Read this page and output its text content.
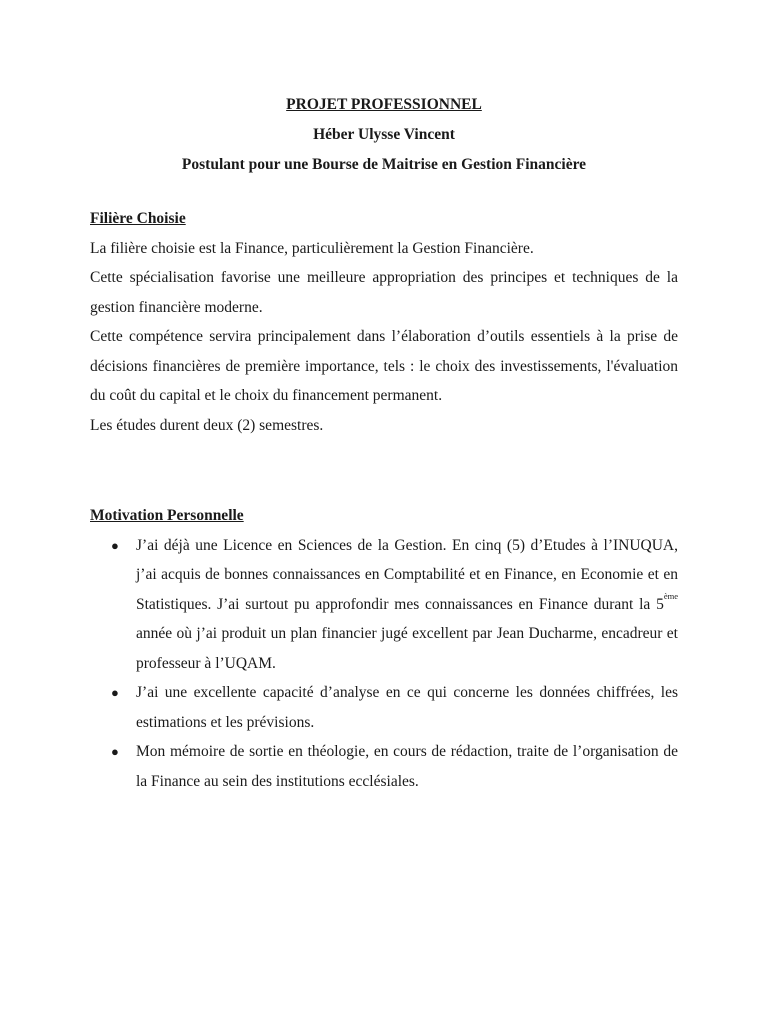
PROJET PROFESSIONNEL
Héber Ulysse Vincent
Postulant pour une Bourse de Maitrise en Gestion Financière
Filière Choisie

La filière choisie est la Finance, particulièrement la Gestion Financière.

Cette spécialisation favorise une meilleure appropriation des principes et techniques de la gestion financière moderne.

Cette compétence servira principalement dans l’élaboration d’outils essentiels à la prise de décisions financières de première importance, tels : le choix des investissements, l'évaluation du coût du capital et le choix du financement permanent.

Les études durent deux (2) semestres.

Motivation Personnelle
● J’ai déjà une Licence en Sciences de la Gestion. En cinq (5) d’Etudes à l’INUQUA, j’ai acquis de bonnes connaissances en Comptabilité et en Finance, en Economie et en Statistiques. J’ai surtout pu approfondir mes connaissances en Finance durant la 5ème année où j’ai produit un plan financier jugé excellent par Jean Ducharme, encadreur et professeur à l’UQAM.
● J’ai une excellente capacité d’analyse en ce qui concerne les données chiffrées, les estimations et les prévisions.
● Mon mémoire de sortie en théologie, en cours de rédaction, traite de l’organisation de la Finance au sein des institutions ecclésiales.
